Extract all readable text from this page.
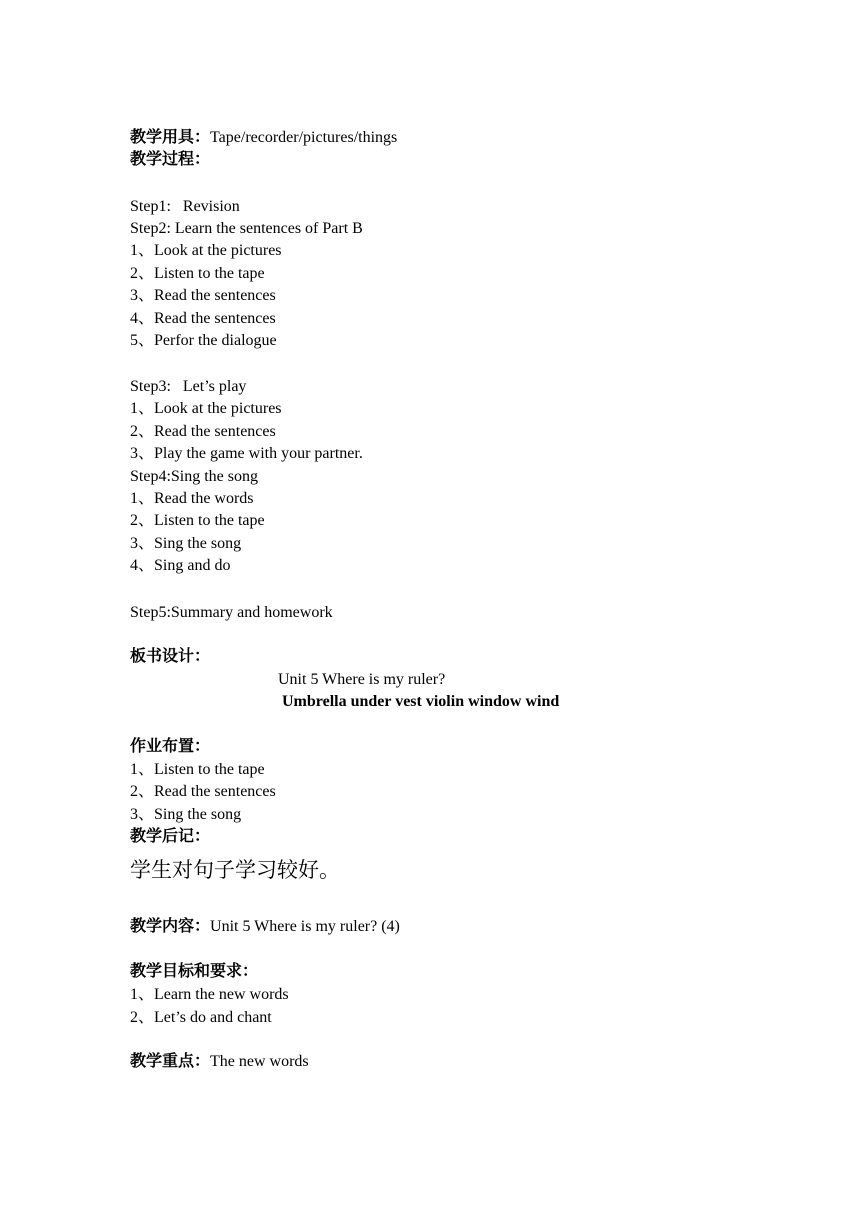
教学用具：Tape/recorder/pictures/things
教学过程：
Step1:   Revision
Step2: Learn the sentences of Part B
1、Look at the pictures
2、Listen to the tape
3、Read the sentences
4、Read the sentences
5、Perfor the dialogue
Step3:   Let’s play
1、Look at the pictures
2、Read the sentences
3、Play the game with your partner.
Step4:Sing the song
1、Read the words
2、Listen to the tape
3、Sing the song
4、Sing and do
Step5:Summary and homework
板书设计：
Unit 5 Where is my ruler?
Umbrella under vest violin window wind
作业布置：
1、Listen to the tape
2、Read the sentences
3、Sing the song
教学后记：
学生对句子学习较好。
教学内容：Unit 5 Where is my ruler? (4)
教学目标和要求：
1、Learn the new words
2、Let’s do and chant
教学重点：The new words
